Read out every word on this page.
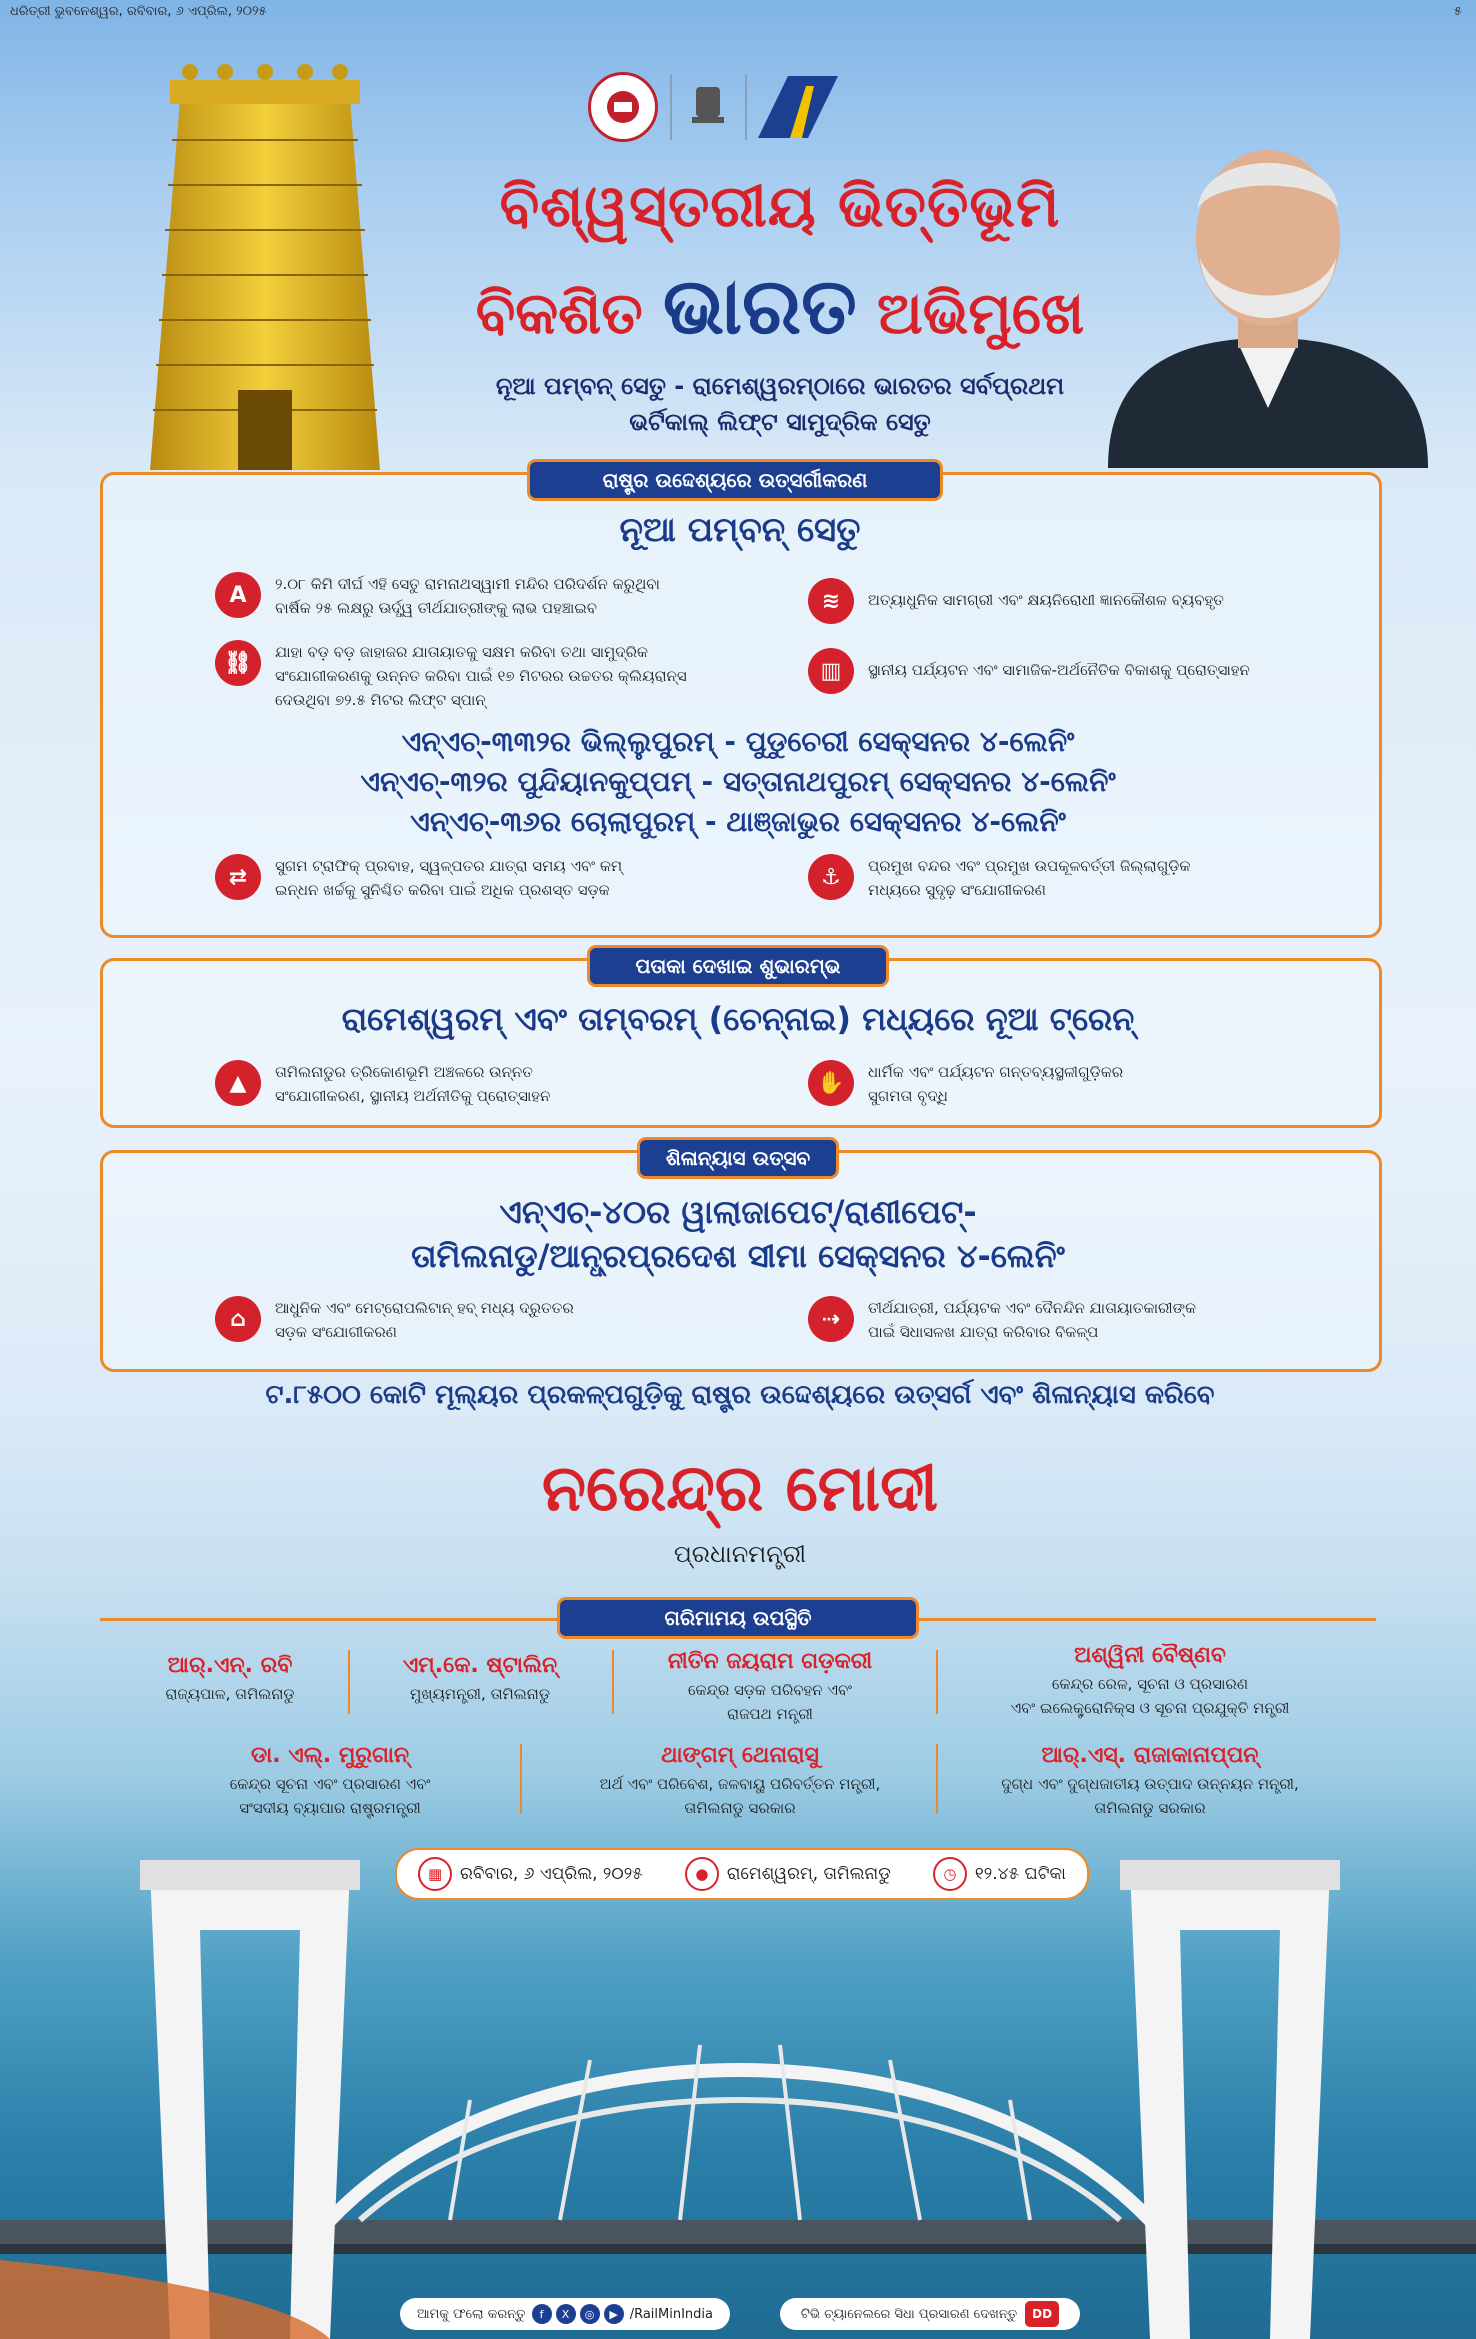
ଧରିତ୍ରୀ ଭୁବନେଶ୍ୱର, ରବିବାର, ୬ ଏପ୍ରିଲ, ୨୦୨୫	୫
ବିଶ୍ୱସ୍ତରୀୟ ଭିତ୍ତିଭୂମି
ବିକଶିତ ଭାରତ ଅଭିମୁଖେ
ନୂଆ ପମ୍ବନ୍ ସେତୁ - ରାମେଶ୍ୱରମ୍‌ଠାରେ ଭାରତର ସର୍ବପ୍ରଥମ
ଭର୍ଟିକାଲ୍ ଲିଫ୍ଟ ସାମୁଦ୍ରିକ ସେତୁ
ରାଷ୍ଟ୍ର ଉଦ୍ଦେଶ୍ୟରେ ଉତ୍ସର୍ଗୀକରଣ
ନୂଆ ପମ୍ବନ୍ ସେତୁ
A	୨.୦୮ କିମି ଦୀର୍ଘ ଏହି ସେତୁ ରାମନାଥସ୍ୱାମୀ ମନ୍ଦିର ପରିଦର୍ଶନ କରୁଥିବା
ବାର୍ଷିକ ୨୫ ଲକ୍ଷରୁ ଊର୍ଦ୍ଧ୍ୱ ତୀର୍ଥଯାତ୍ରୀଙ୍କୁ ଲାଭ ପହଞ୍ଚାଇବ	≋	ଅତ୍ୟାଧୁନିକ ସାମଗ୍ରୀ ଏବଂ କ୍ଷୟନିରୋଧୀ ଜ୍ଞାନକୌଶଳ ବ୍ୟବହୃତ
⛓	ଯାହା ବଡ଼ ବଡ଼ ଜାହାଜର ଯାତାୟାତକୁ ସକ୍ଷମ କରିବା ତଥା ସାମୁଦ୍ରିକ
ସଂଯୋଗୀକରଣକୁ ଉନ୍ନତ କରିବା ପାଇଁ ୧୭ ମିଟରର ଉଚ୍ଚତର କ୍ଲିୟରାନ୍ସ
ଦେଉଥିବା ୭୨.୫ ମିଟର ଲିଫ୍ଟ ସ୍ପାନ୍
▥	ସ୍ଥାନୀୟ ପର୍ଯ୍ୟଟନ ଏବଂ ସାମାଜିକ-ଅର୍ଥନୈତିକ ବିକାଶକୁ ପ୍ରୋତ୍ସାହନ
ଏନ୍‌ଏଚ୍-୩୩୨ର ଭିଲ୍ଲୁପୁରମ୍ - ପୁଡୁଚେରୀ ସେକ୍ସନର ୪-ଲେନିଂ
ଏନ୍‌ଏଚ୍-୩୨ର ପୁନ୍ଦିୟାନକୁପ୍ପମ୍ - ସତ୍ତାନାଥପୁରମ୍ ସେକ୍ସନର ୪-ଲେନିଂ
ଏନ୍‌ଏଚ୍-୩୬ର ଚୋଲାପୁରମ୍ - ଥାଞ୍ଜାଭୁର ସେକ୍ସନର ୪-ଲେନିଂ
⇄	ସୁଗମ ଟ୍ରାଫିକ୍ ପ୍ରବାହ, ସ୍ୱଳ୍ପତର ଯାତ୍ରା ସମୟ ଏବଂ କମ୍
ଇନ୍ଧନ ଖର୍ଚ୍ଚକୁ ସୁନିଶ୍ଚିତ କରିବା ପାଇଁ ଅଧିକ ପ୍ରଶସ୍ତ ସଡ଼କ
⚓	ପ୍ରମୁଖ ବନ୍ଦର ଏବଂ ପ୍ରମୁଖ ଉପକୂଳବର୍ତ୍ତୀ ଜିଲ୍ଲାଗୁଡ଼ିକ
ମଧ୍ୟରେ ସୁଦୃଢ଼ ସଂଯୋଗୀକରଣ
ପତାକା ଦେଖାଇ ଶୁଭାରମ୍ଭ
ରାମେଶ୍ୱରମ୍ ଏବଂ ତାମ୍ବରମ୍ (ଚେନ୍ନାଇ) ମଧ୍ୟରେ ନୂଆ ଟ୍ରେନ୍
▲	ତାମିଲନାଡୁର ତ୍ରିକୋଣଭୂମି ଅଞ୍ଚଳରେ ଉନ୍ନତ
ସଂଯୋଗୀକରଣ, ସ୍ଥାନୀୟ ଅର୍ଥନୀତିକୁ ପ୍ରୋତ୍ସାହନ
✋	ଧାର୍ମିକ ଏବଂ ପର୍ଯ୍ୟଟନ ଗନ୍ତବ୍ୟସ୍ଥଳୀଗୁଡ଼ିକର
ସୁଗମତା ବୃଦ୍ଧି
ଶିଳାନ୍ୟାସ ଉତ୍ସବ
ଏନ୍‌ଏଚ୍-୪୦ର ୱାଲାଜାପେଟ୍/ରାଣୀପେଟ୍-
ତାମିଲନାଡୁ/ଆନ୍ଧ୍ରପ୍ରଦେଶ ସୀମା ସେକ୍ସନର ୪-ଲେନିଂ
⌂	ଆଧୁନିକ ଏବଂ ମେଟ୍ରୋପଲିଟାନ୍ ହବ୍ ମଧ୍ୟ ଦ୍ରୁତତର
ସଡ଼କ ସଂଯୋଗୀକରଣ
⇢	ତୀର୍ଥଯାତ୍ରୀ, ପର୍ଯ୍ୟଟକ ଏବଂ ଦୈନନ୍ଦିନ ଯାତାୟାତକାରୀଙ୍କ
ପାଇଁ ସିଧାସଳଖ ଯାତ୍ରା କରିବାର ବିକଳ୍ପ
ଟ.୮୫୦୦ କୋଟି ମୂଲ୍ୟର ପ୍ରକଳ୍ପଗୁଡ଼ିକୁ ରାଷ୍ଟ୍ର ଉଦ୍ଦେଶ୍ୟରେ ଉତ୍ସର୍ଗ ଏବଂ ଶିଳାନ୍ୟାସ କରିବେ
ନରେନ୍ଦ୍ର ମୋଦୀ
ପ୍ରଧାନମନ୍ତ୍ରୀ
ଗରିମାମୟ ଉପସ୍ଥିତି
ଆର୍.ଏନ୍. ରବି
ରାଜ୍ୟପାଳ, ତାମିଲନାଡୁ
ଏମ୍.କେ. ଷ୍ଟାଲିନ୍
ମୁଖ୍ୟମନ୍ତ୍ରୀ, ତାମିଲନାଡୁ
ନୀତିନ ଜୟରାମ ଗଡ଼କରୀ
କେନ୍ଦ୍ର ସଡ଼କ ପରିବହନ ଏବଂ
ରାଜପଥ ମନ୍ତ୍ରୀ
ଅଶ୍ୱିନୀ ବୈଷ୍ଣବ
କେନ୍ଦ୍ର ରେଳ, ସୂଚନା ଓ ପ୍ରସାରଣ
ଏବଂ ଇଲେକ୍ଟ୍ରୋନିକ୍ସ ଓ ସୂଚନା ପ୍ରଯୁକ୍ତି ମନ୍ତ୍ରୀ
ଡା. ଏଲ୍. ମୁରୁଗାନ୍
କେନ୍ଦ୍ର ସୂଚନା ଏବଂ ପ୍ରସାରଣ ଏବଂ
ସଂସଦୀୟ ବ୍ୟାପାର ରାଷ୍ଟ୍ରମନ୍ତ୍ରୀ
ଥାଙ୍ଗମ୍ ଥେନାରାସୁ
ଅର୍ଥ ଏବଂ ପରିବେଶ, ଜଳବାୟୁ ପରିବର୍ତ୍ତନ ମନ୍ତ୍ରୀ,
ତାମିଲନାଡୁ ସରକାର
ଆର୍.ଏସ୍. ରାଜାକାନାପ୍ପନ୍
ଦୁଗ୍ଧ ଏବଂ ଦୁଗ୍ଧଜାତୀୟ ଉତ୍ପାଦ ଉନ୍ନୟନ ମନ୍ତ୍ରୀ,
ତାମିଲନାଡୁ ସରକାର
▦ ରବିବାର, ୬ ଏପ୍ରିଲ, ୨୦୨୫	● ରାମେଶ୍ୱରମ୍, ତାମିଲନାଡୁ	◷ ୧୨.୪୫ ଘଟିକା
ଆମକୁ ଫଲୋ କରନ୍ତୁ
	f	X	◎	▶
/RailMinIndia	ଟିଭି ଚ୍ୟାନେଲରେ ସିଧା ପ୍ରସାରଣ ଦେଖନ୍ତୁ	DD
